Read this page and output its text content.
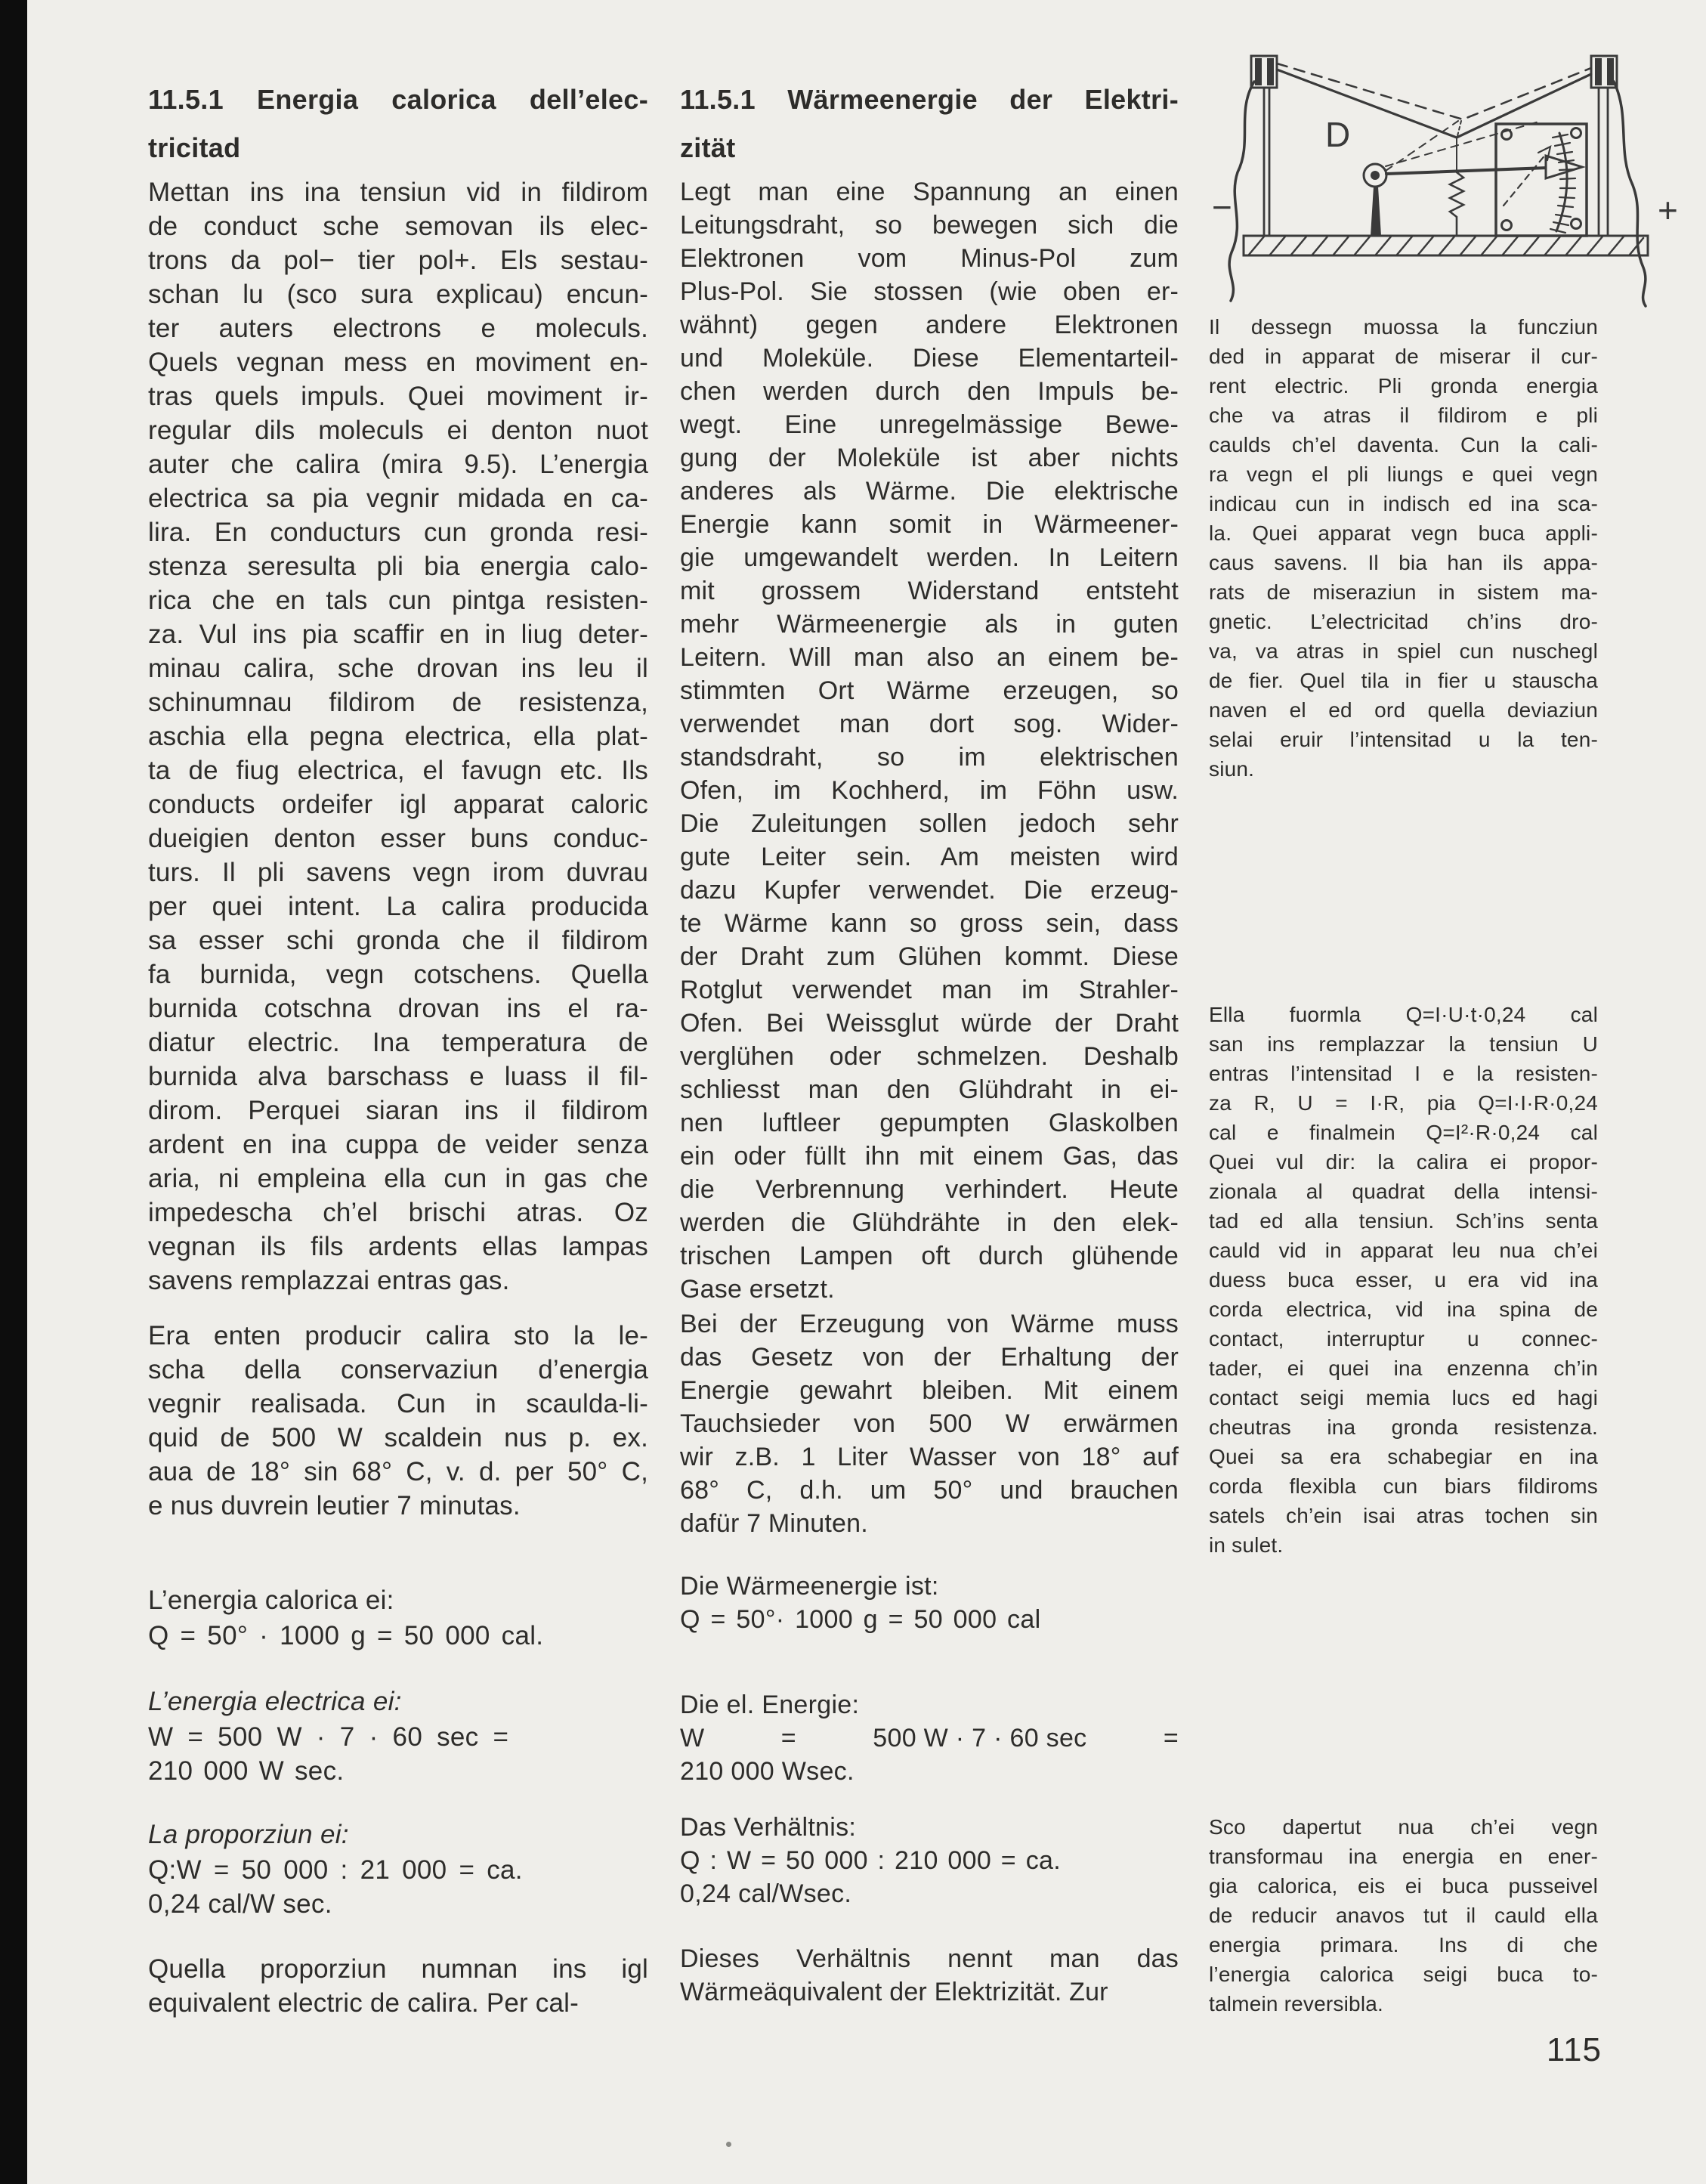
11.5.1 Energia calorica dell’elec-
tricitad
Mettan ins ina tensiun vid in fildirom
de conduct sche semovan ils elec-
trons da pol− tier pol+. Els sestau-
schan lu (sco sura explicau) encun-
ter auters electrons e moleculs.
Quels vegnan mess en moviment en-
tras quels impuls. Quei moviment ir-
regular dils moleculs ei denton nuot
auter che calira (mira 9.5). L’energia
electrica sa pia vegnir midada en ca-
lira. En conducturs cun gronda resi-
stenza seresulta pli bia energia calo-
rica che en tals cun pintga resisten-
za. Vul ins pia scaffir en in liug deter-
minau calira, sche drovan ins leu il
schinumnau fildirom de resistenza,
aschia ella pegna electrica, ella plat-
ta de fiug electrica, el favugn etc. Ils
conducts ordeifer igl apparat caloric
dueigien denton esser buns conduc-
turs. Il pli savens vegn irom duvrau
per quei intent. La calira producida
sa esser schi gronda che il fildirom
fa burnida, vegn cotschens. Quella
burnida cotschna drovan ins el ra-
diatur electric. Ina temperatura de
burnida alva barschass e luass il fil-
dirom. Perquei siaran ins il fildirom
ardent en ina cuppa de veider senza
aria, ni empleina ella cun in gas che
impedescha ch’el brischi atras. Oz
vegnan ils fils ardents ellas lampas
savens remplazzai entras gas.
Era enten producir calira sto la le-
scha della conservaziun d’energia
vegnir realisada. Cun in scaulda-li-
quid de 500 W scaldein nus p. ex.
aua de 18° sin 68° C, v. d. per 50° C,
e nus duvrein leutier 7 minutas.
L’energia calorica ei:
Q = 50° · 1000 g = 50 000 cal.
L’energia electrica ei:
W = 500 W · 7 · 60 sec =
210 000 W sec.
La proporziun ei:
Q:W = 50 000 : 21 000 = ca.
0,24 cal/W sec.
Quella proporziun numnan ins igl
equivalent electric de calira. Per cal-
11.5.1 Wärmeenergie der Elektri-
zität
Legt man eine Spannung an einen
Leitungsdraht, so bewegen sich die
Elektronen vom Minus-Pol zum
Plus-Pol. Sie stossen (wie oben er-
wähnt) gegen andere Elektronen
und Moleküle. Diese Elementarteil-
chen werden durch den Impuls be-
wegt. Eine unregelmässige Bewe-
gung der Moleküle ist aber nichts
anderes als Wärme. Die elektrische
Energie kann somit in Wärmeener-
gie umgewandelt werden. In Leitern
mit grossem Widerstand entsteht
mehr Wärmeenergie als in guten
Leitern. Will man also an einem be-
stimmten Ort Wärme erzeugen, so
verwendet man dort sog. Wider-
standsdraht, so im elektrischen
Ofen, im Kochherd, im Föhn usw.
Die Zuleitungen sollen jedoch sehr
gute Leiter sein. Am meisten wird
dazu Kupfer verwendet. Die erzeug-
te Wärme kann so gross sein, dass
der Draht zum Glühen kommt. Diese
Rotglut verwendet man im Strahler-
Ofen. Bei Weissglut würde der Draht
verglühen oder schmelzen. Deshalb
schliesst man den Glühdraht in ei-
nen luftleer gepumpten Glaskolben
ein oder füllt ihn mit einem Gas, das
die Verbrennung verhindert. Heute
werden die Glühdrähte in den elek-
trischen Lampen oft durch glühende
Gase ersetzt.
Bei der Erzeugung von Wärme muss
das Gesetz von der Erhaltung der
Energie gewahrt bleiben. Mit einem
Tauchsieder von 500 W erwärmen
wir z.B. 1 Liter Wasser von 18° auf
68° C, d.h. um 50° und brauchen
dafür 7 Minuten.
Die Wärmeenergie ist:
Q = 50°· 1000 g = 50 000 cal
Die el. Energie:
W	=	500 W · 7 · 60 sec	=
210 000 Wsec.
Das Verhältnis:
Q : W = 50 000 : 210 000 = ca.
0,24 cal/Wsec.
Dieses Verhältnis nennt man das
Wärmeäquivalent der Elektrizität. Zur
D
−	+
Il dessegn muossa la funcziun
ded in apparat de miserar il cur-
rent electric. Pli gronda energia
che va atras il fildirom e pli
caulds ch’el daventa. Cun la cali-
ra vegn el pli liungs e quei vegn
indicau cun in indisch ed ina sca-
la. Quei apparat vegn buca appli-
caus savens. Il bia han ils appa-
rats de miseraziun in sistem ma-
gnetic. L’electricitad ch’ins dro-
va, va atras in spiel cun nuschegl
de fier. Quel tila in fier u stauscha
naven el ed ord quella deviaziun
selai eruir l’intensitad u la ten-
siun.
Ella fuormla Q=I·U·t·0,24 cal
san ins remplazzar la tensiun U
entras l’intensitad I e la resisten-
za R, U = I·R, pia Q=I·I·R·0,24
cal e finalmein Q=I²·R·0,24 cal
Quei vul dir: la calira ei propor-
zionala al quadrat della intensi-
tad ed alla tensiun. Sch’ins senta
cauld vid in apparat leu nua ch’ei
duess buca esser, u era vid ina
corda electrica, vid ina spina de
contact, interruptur u connec-
tader, ei quei ina enzenna ch’in
contact seigi memia lucs ed hagi
cheutras ina gronda resistenza.
Quei sa era schabegiar en ina
corda flexibla cun biars fildiroms
satels ch’ein isai atras tochen sin
in sulet.
Sco dapertut nua ch’ei vegn
transformau ina energia en ener-
gia calorica, eis ei buca pusseivel
de reducir anavos tut il cauld ella
energia primara. Ins di che
l’energia calorica seigi buca to-
talmein reversibla.
115
